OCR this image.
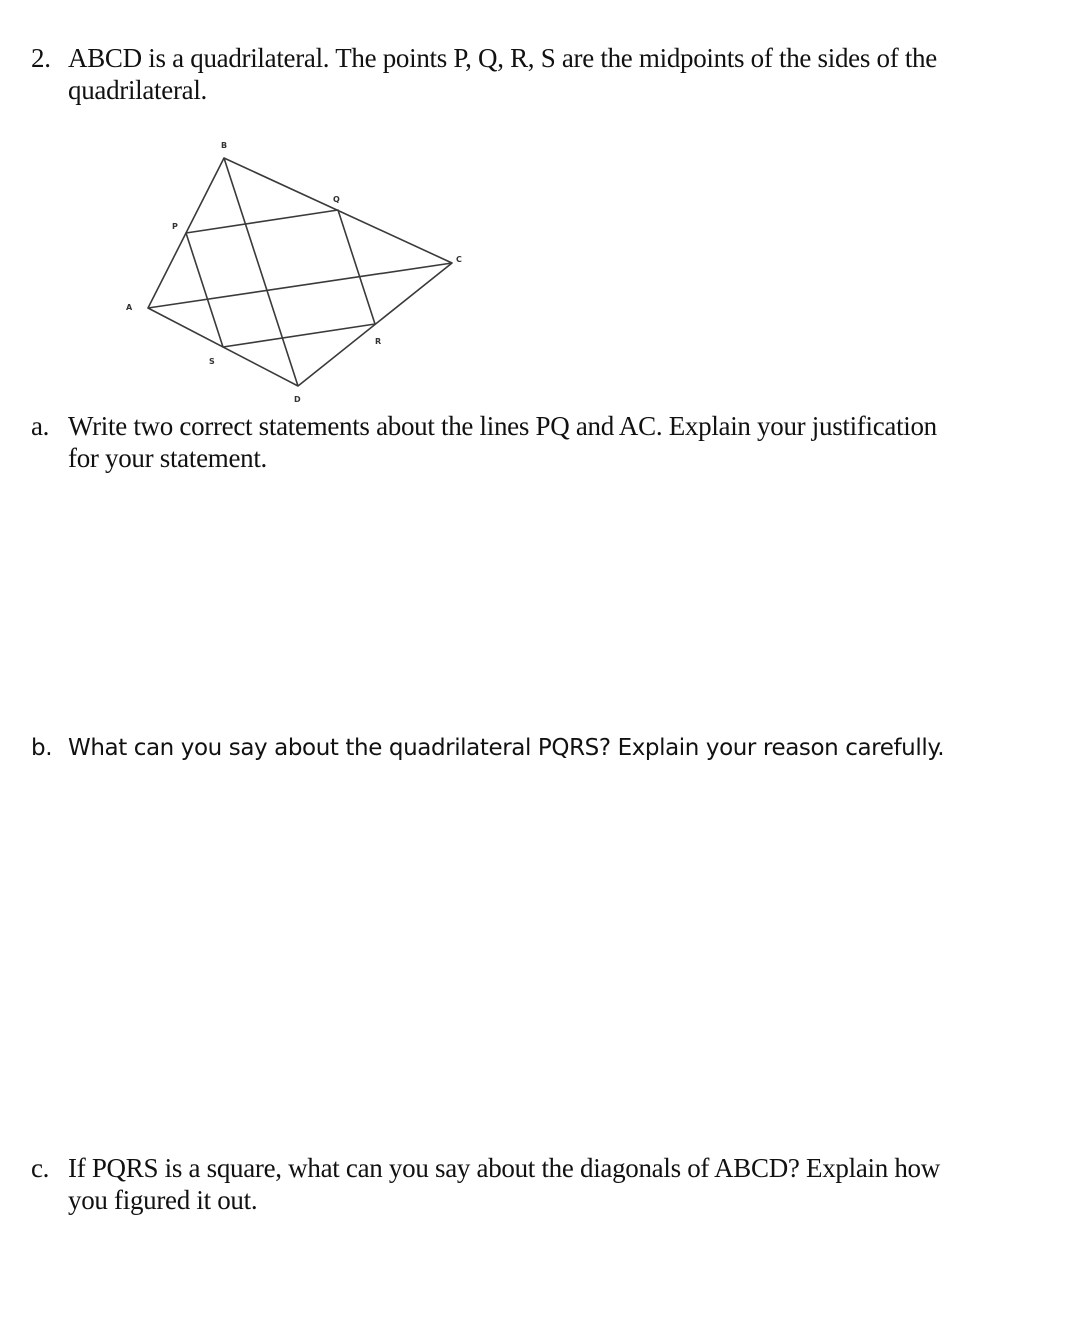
2. ABCD is a quadrilateral. The points P, Q, R, S are the midpoints of the sides of the
quadrilateral.
A
B
C
D
P
Q
R
S
a. Write two correct statements about the lines PQ and AC. Explain your justification
for your statement.
b. What can you say about the quadrilateral PQRS? Explain your reason carefully.
c. If PQRS is a square, what can you say about the diagonals of ABCD? Explain how
you figured it out.
